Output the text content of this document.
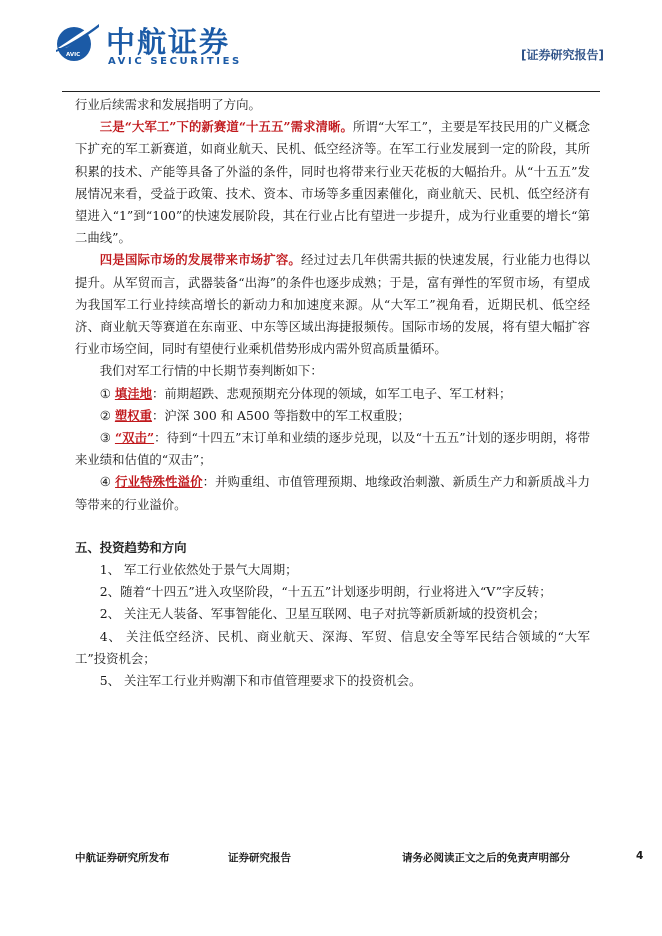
AVIC 中航证券
AVIC SECURITIES	[证券研究报告]

行业后续需求和发展指明了方向。

三是“大军工”下的新赛道“十五五”需求清晰。所谓“大军工”，主要是军技民用的广义概念下扩充的军工新赛道，如商业航天、民机、低空经济等。在军工行业发展到一定的阶段，其所积累的技术、产能等具备了外溢的条件，同时也将带来行业天花板的大幅抬升。从“十五五”发展情况来看，受益于政策、技术、资本、市场等多重因素催化，商业航天、民机、低空经济有望进入“1”到“100”的快速发展阶段，其在行业占比有望进一步提升，成为行业重要的增长“第二曲线”。

四是国际市场的发展带来市场扩容。经过过去几年供需共振的快速发展，行业能力也得以提升。从军贸而言，武器装备“出海”的条件也逐步成熟；于是，富有弹性的军贸市场，有望成为我国军工行业持续高增长的新动力和加速度来源。从“大军工”视角看，近期民机、低空经济、商业航天等赛道在东南亚、中东等区域出海捷报频传。国际市场的发展，将有望大幅扩容行业市场空间，同时有望使行业乘机借势形成内需外贸高质量循环。

我们对军工行情的中长期节奏判断如下：

① 填洼地：前期超跌、悲观预期充分体现的领域，如军工电子、军工材料；

② 塑权重：沪深 300 和 A500 等指数中的军工权重股；

③ “双击”：待到“十四五”末订单和业绩的逐步兑现，以及“十五五”计划的逐步明朗，将带来业绩和估值的“双击”；

④ 行业特殊性溢价：并购重组、市值管理预期、地缘政治刺激、新质生产力和新质战斗力等带来的行业溢价。

五、投资趋势和方向

1、 军工行业依然处于景气大周期；

2、随着“十四五”进入攻坚阶段，“十五五”计划逐步明朗，行业将进入“V”字反转；

2、 关注无人装备、军事智能化、卫星互联网、电子对抗等新质新域的投资机会；

4、 关注低空经济、民机、商业航天、深海、军贸、信息安全等军民结合领域的“大军工”投资机会；

5、 关注军工行业并购潮下和市值管理要求下的投资机会。

中航证券研究所发布	证券研究报告	请务必阅读正文之后的免责声明部分	4
